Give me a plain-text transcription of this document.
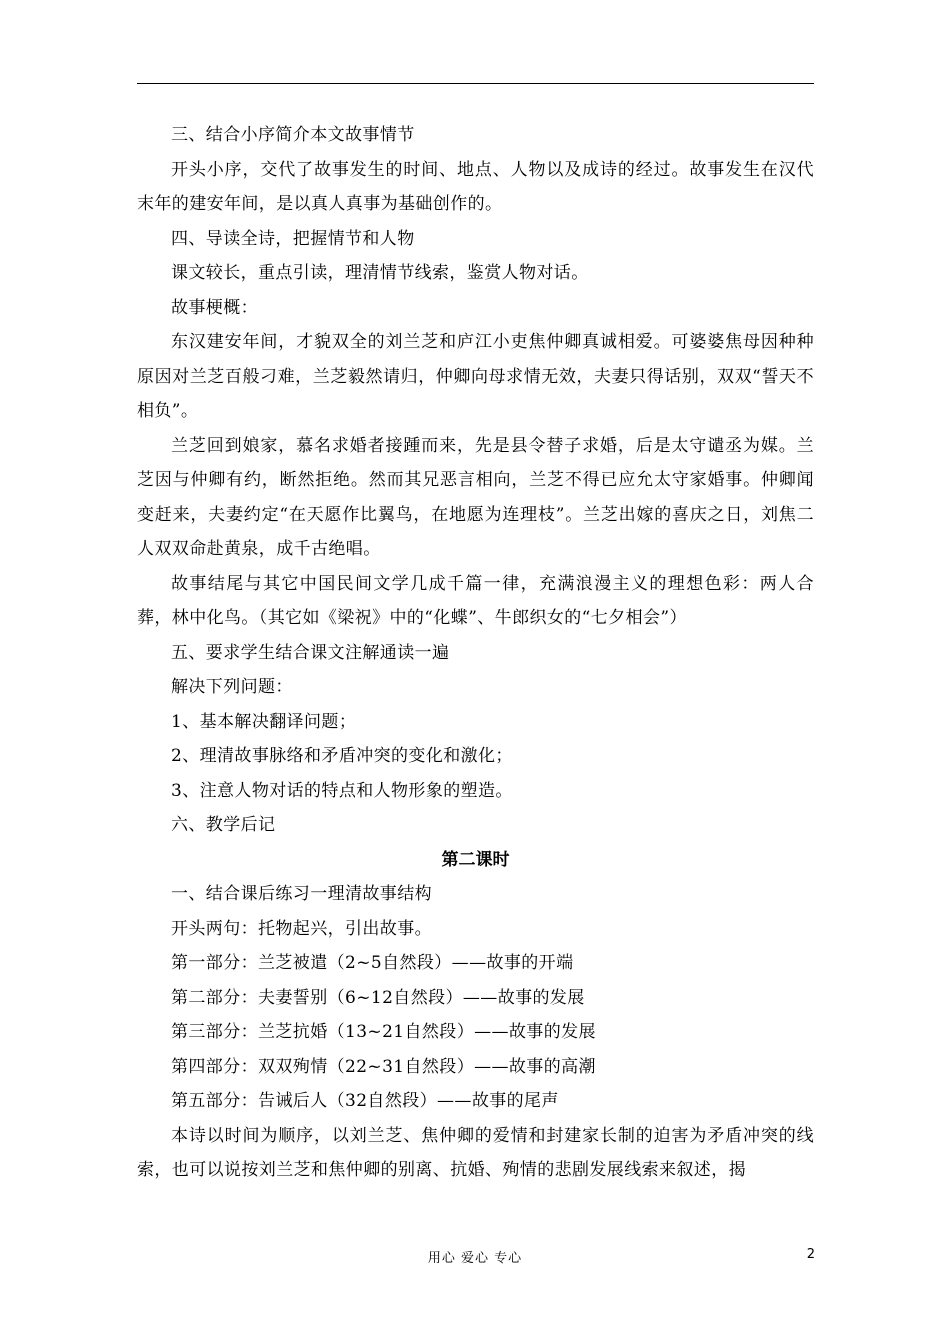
三、结合小序简介本文故事情节

开头小序，交代了故事发生的时间、地点、人物以及成诗的经过。故事发生在汉代末年的建安年间，是以真人真事为基础创作的。

四、导读全诗，把握情节和人物

课文较长，重点引读，理清情节线索，鉴赏人物对话。

故事梗概：

东汉建安年间，才貌双全的刘兰芝和庐江小吏焦仲卿真诚相爱。可婆婆焦母因种种原因对兰芝百般刁难，兰芝毅然请归，仲卿向母求情无效，夫妻只得话别，双双“誓天不相负”。

兰芝回到娘家，慕名求婚者接踵而来，先是县令替子求婚，后是太守谴丞为媒。兰芝因与仲卿有约，断然拒绝。然而其兄恶言相向，兰芝不得已应允太守家婚事。仲卿闻变赶来，夫妻约定“在天愿作比翼鸟，在地愿为连理枝”。兰芝出嫁的喜庆之日，刘焦二人双双命赴黄泉，成千古绝唱。

故事结尾与其它中国民间文学几成千篇一律，充满浪漫主义的理想色彩：两人合葬，林中化鸟。（其它如《梁祝》中的“化蝶”、牛郎织女的“七夕相会”）

五、要求学生结合课文注解通读一遍

解决下列问题：

1、基本解决翻译问题；

2、理清故事脉络和矛盾冲突的变化和激化；

3、注意人物对话的特点和人物形象的塑造。

六、教学后记

第二课时

一、结合课后练习一理清故事结构

开头两句：托物起兴，引出故事。

第一部分：兰芝被遣（2~5自然段）——故事的开端

第二部分：夫妻誓别（6~12自然段）——故事的发展

第三部分：兰芝抗婚（13~21自然段）——故事的发展

第四部分：双双殉情（22~31自然段）——故事的高潮

第五部分：告诫后人（32自然段）——故事的尾声

本诗以时间为顺序，以刘兰芝、焦仲卿的爱情和封建家长制的迫害为矛盾冲突的线索，也可以说按刘兰芝和焦仲卿的别离、抗婚、殉情的悲剧发展线索来叙述，揭

用心 爱心 专心	2
